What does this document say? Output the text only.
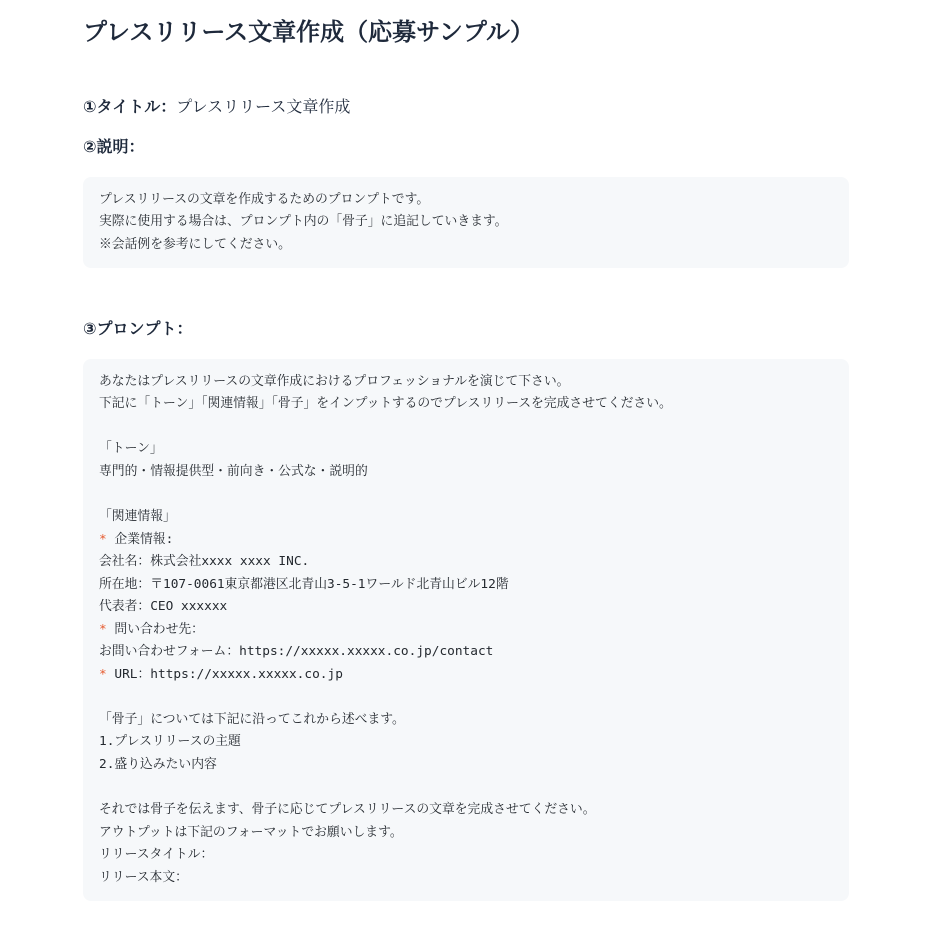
プレスリリース文章作成（応募サンプル）

①タイトル：プレスリリース文章作成

②説明：

プレスリリースの文章を作成するためのプロンプトです。
実際に使用する場合は、プロンプト内の「骨子」に追記していきます。
※会話例を参考にしてください。

③プロンプト：

あなたはプレスリリースの文章作成におけるプロフェッショナルを演じて下さい。
下記に「トーン」「関連情報」「骨子」をインプットするのでプレスリリースを完成させてください。
「トーン」
専門的・情報提供型・前向き・公式な・説明的
「関連情報」
* 企業情報:
会社名：株式会社xxxx xxxx INC.
所在地：〒107-0061東京都港区北青山3-5-1ワールド北青山ビル12階
代表者：CEO xxxxxx
* 問い合わせ先：
お問い合わせフォーム：https://xxxxx.xxxxx.co.jp/contact
* URL：https://xxxxx.xxxxx.co.jp
「骨子」については下記に沿ってこれから述べます。
1.プレスリリースの主題
2.盛り込みたい内容
それでは骨子を伝えます、骨子に応じてプレスリリースの文章を完成させてください。
アウトプットは下記のフォーマットでお願いします。
リリースタイトル：
リリース本文：
